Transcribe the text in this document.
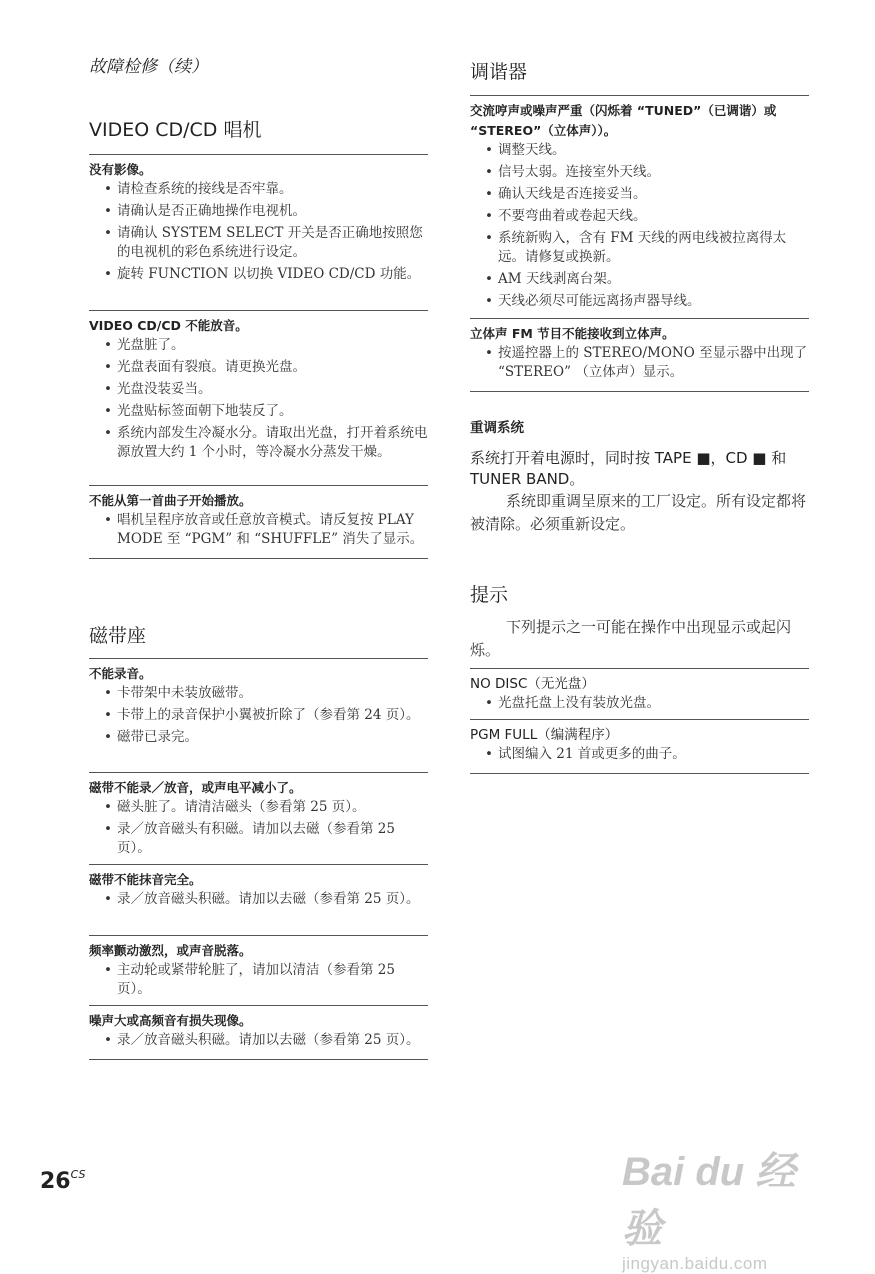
故障检修（续）
VIDEO CD/CD 唱机
没有影像。
• 请检查系统的接线是否牢靠。
• 请确认是否正确地操作电视机。
• 请确认 SYSTEM SELECT 开关是否正确地按照您的电视机的彩色系统进行设定。
• 旋转 FUNCTION 以切换 VIDEO CD/CD 功能。
VIDEO CD/CD 不能放音。
• 光盘脏了。
• 光盘表面有裂痕。请更换光盘。
• 光盘没装妥当。
• 光盘贴标签面朝下地装反了。
• 系统内部发生冷凝水分。请取出光盘，打开着系统电源放置大约 1 个小时，等冷凝水分蒸发干燥。
不能从第一首曲子开始播放。
• 唱机呈程序放音或任意放音模式。请反复按 PLAY MODE 至 “PGM” 和 “SHUFFLE” 消失了显示。
磁带座
不能录音。
• 卡带架中未装放磁带。
• 卡带上的录音保护小翼被折除了（参看第 24 页）。
• 磁带已录完。
磁带不能录／放音，或声电平减小了。
• 磁头脏了。请清洁磁头（参看第 25 页）。
• 录／放音磁头有积磁。请加以去磁（参看第 25 页）。
磁带不能抹音完全。
• 录／放音磁头积磁。请加以去磁（参看第 25 页）。
频率颤动激烈，或声音脱落。
• 主动轮或紧带轮脏了，请加以清洁（参看第 25 页）。
噪声大或高频音有损失现像。
• 录／放音磁头积磁。请加以去磁（参看第 25 页）。
调谐器
交流哼声或噪声严重（闪烁着 “TUNED”（已调谐）或 “STEREO”（立体声））。
• 调整天线。
• 信号太弱。连接室外天线。
• 确认天线是否连接妥当。
• 不要弯曲着或卷起天线。
• 系统新购入，含有 FM 天线的两电线被拉离得太远。请修复或换新。
• AM 天线剥离台架。
• 天线必须尽可能远离扬声器导线。
立体声 FM 节目不能接收到立体声。
• 按遥控器上的 STEREO/MONO 至显示器中出现了 “STEREO” （立体声）显示。
重调系统
系统打开着电源时，同时按 TAPE ■，CD ■ 和 TUNER BAND。
系统即重调呈原来的工厂设定。所有设定都将被清除。必须重新设定。
提示
下列提示之一可能在操作中出现显示或起闪烁。
NO DISC（无光盘）
• 光盘托盘上没有装放光盘。
PGM FULL（编满程序）
• 试图编入 21 首或更多的曲子。
$26^{CS}$	Bai du 经验
jingyan.baidu.com
